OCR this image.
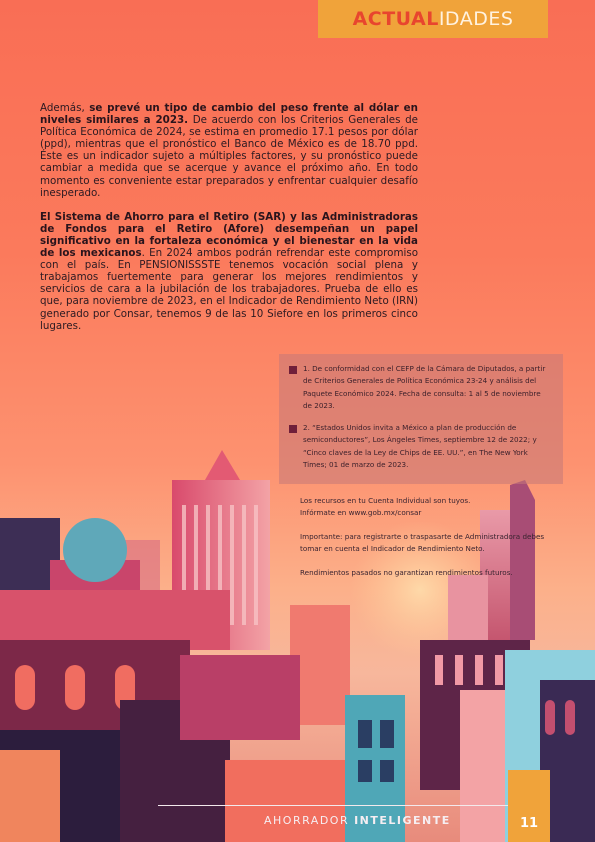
ACTUAL IDADES

Además, se prevé un tipo de cambio del peso frente al dólar en niveles similares a 2023. De acuerdo con los Criterios Generales de Política Económica de 2024, se estima en promedio 17.1 pesos por dólar (ppd), mientras que el pronóstico el Banco de México es de 18.70 ppd. Éste es un indicador sujeto a múltiples factores, y su pronóstico puede cambiar a medida que se acerque y avance el próximo año. En todo momento es conveniente estar preparados y enfrentar cualquier desafío inesperado.

El Sistema de Ahorro para el Retiro (SAR) y las Administradoras de Fondos para el Retiro (Afore) desempeñan un papel significativo en la fortaleza económica y el bienestar en la vida de los mexicanos. En 2024 ambos podrán refrendar este compromiso con el país. En PENSIONISSSTE tenemos vocación social plena y trabajamos fuertemente para generar los mejores rendimientos y servicios de cara a la jubilación de los trabajadores. Prueba de ello es que, para noviembre de 2023, en el Indicador de Rendimiento Neto (IRN) generado por Consar, tenemos 9 de las 10 Siefore en los primeros cinco lugares.

1. De conformidad con el CEFP de la Cámara de Diputados, a partir de Criterios Generales de Política Económica 23-24 y análisis del Paquete Económico 2024. Fecha de consulta: 1 al 5 de noviembre de 2023.
2. “Estados Unidos invita a México a plan de producción de semiconductores”, Los Ángeles Times, septiembre 12 de 2022; y “Cinco claves de la Ley de Chips de EE. UU.”, en The New York Times; 01 de marzo de 2023.
Los recursos en tu Cuenta Individual son tuyos.
Infórmate en www.gob.mx/consar
Importante: para registrarte o traspasarte de Administradora debes tomar en cuenta el Indicador de Rendimiento Neto.
Rendimientos pasados no garantizan rendimientos futuros.
AHORRADOR INTELIGENTE	11
